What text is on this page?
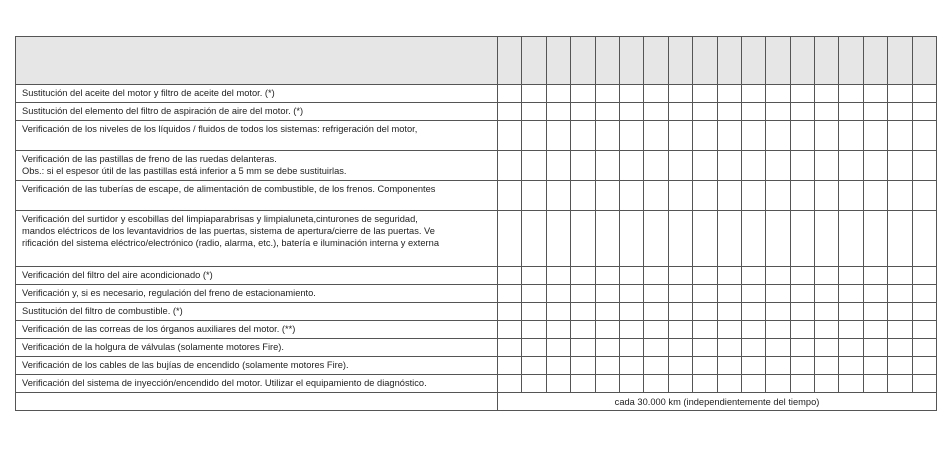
Sustitución del aceite del motor y filtro de aceite del motor. (*)																		

Sustitución del elemento del filtro de aspiración de aire del motor. (*)																		

Verificación de los niveles de los líquidos / fluidos de todos los sistemas: refrigeración del motor,																		

Verificación de las pastillas de freno de las ruedas delanteras.
Obs.: si el espesor útil de las pastillas está inferior a 5 mm se debe sustituirlas.																		

Verificación de las tuberías de escape, de alimentación de combustible, de los frenos. Componentes																		

Verificación del surtidor y escobillas del limpiaparabrisas y limpialuneta,cinturones de seguridad,
mandos eléctricos de los levantavidrios de las puertas, sistema de apertura/cierre de las puertas. Ve
rificación del sistema eléctrico/electrónico (radio, alarma, etc.), batería e iluminación interna y externa																		

Verificación del filtro del aire acondicionado (*)																		

Verificación y, si es necesario, regulación del freno de estacionamiento.																		

Sustitución del filtro de combustible. (*)																		

Verificación de las correas de los órganos auxiliares del motor. (**)																		

Verificación de la holgura de válvulas (solamente motores Fire).																		

Verificación de los cables de las bujías de encendido (solamente motores Fire).																		

Verificación del sistema de inyección/encendido del motor. Utilizar el equipamiento de diagnóstico.																		

	cada 30.000 km (independientemente del tiempo)																	
